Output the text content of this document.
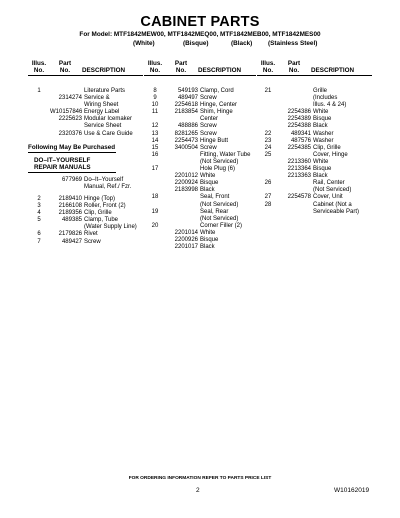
CABINET PARTS
For Model: MTF1842MEW00, MTF1842MEQ00, MTF1842MEB00, MTF1842MES00
(White)	(Bisque)	(Black) (Stainless Steel)
Illus.
No.
Part
No.	DESCRIPTION
1	Literature Parts
2314274 Service &
Wiring Sheet
W10157846 Energy Label
2225623 Modular Icemaker
Service Sheet
2320376 Use & Care Guide
Following May Be Purchased
DO–IT–YOURSELF
REPAIR MANUALS
677969 Do–It–Yourself
Manual, Ref./ Fzr.
2	2189410 Hinge (Top)
3	2166108 Roller, Front (2)
4	2189356 Clip, Grille
5	489385 Clamp, Tube
(Water Supply Line)
6	2179826 Rivet
7	489427 Screw
Illus.
No.
Part
No.	DESCRIPTION
8	549193 Clamp, Cord
9	489497 Screw
10	2254618 Hinge, Center
11	2183854 Shim, Hinge
Center
12	488886 Screw
13	8281265 Screw
14	2254473 Hinge Butt
15	3400504 Screw
16	Fitting, Water Tube
(Not Serviced)
17	Hole Plug (6)
2201012 White
2200924 Bisque
2183998 Black
18	Seal, Front
(Not Serviced)
19	Seal, Rear
(Not Serviced)
20	Corner Filler (2)
2201014 White
2200926 Bisque
2201017 Black
Illus.
No.
Part
No.	DESCRIPTION
21	Grille
(Includes
Illus. 4 & 24)
2254386 White
2254389 Bisque
2254388 Black
22	489341 Washer
23	487576 Washer
24	2254385 Clip, Grille
25	Cover, Hinge
2213360 White
2213364 Bisque
2213363 Black
26	Rail, Center
(Not Serviced)
27	2254578 Cover, Unit
28	Cabinet (Not a
Serviceable Part)
FOR ORDERING INFORMATION REFER TO PARTS PRICE LIST
2	W10162019
